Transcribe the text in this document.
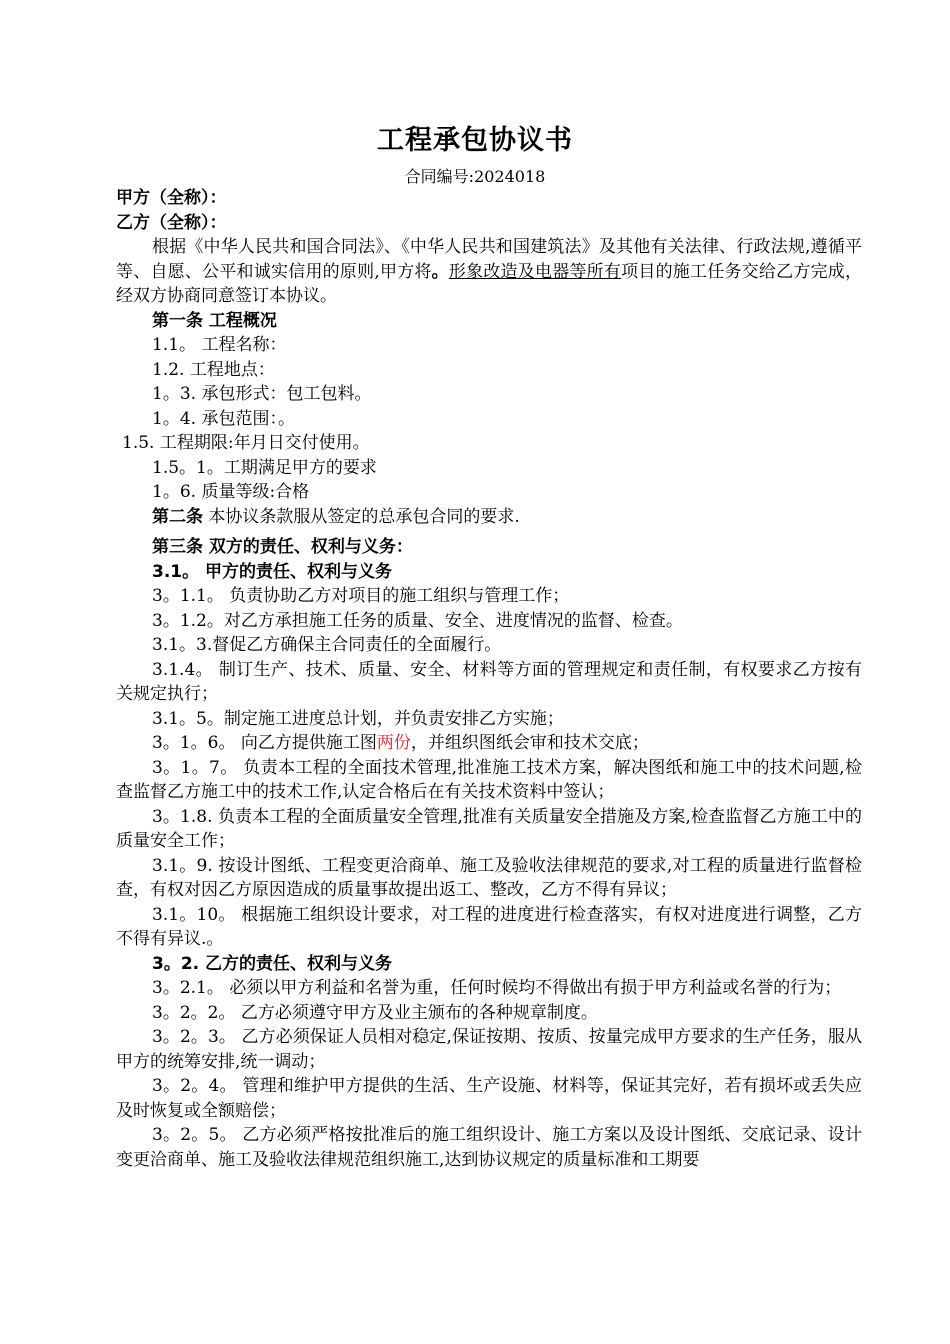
工程承包协议书
合同编号:2024018
甲方（全称）：
乙方（全称）：
根据《中华人民共和国合同法》、《中华人民共和国建筑法》及其他有关法律、行政法规,遵循平等、自愿、公平和诚实信用的原则,甲方将。形象改造及电器等所有项目的施工任务交给乙方完成，经双方协商同意签订本协议。
第一条 工程概况
1.1。 工程名称：
1.2. 工程地点：
1。3. 承包形式：包工包料。
1。4. 承包范围：。
1.5. 工程期限:年月日交付使用。
1.5。1。工期满足甲方的要求
1。6. 质量等级:合格
第二条 本协议条款服从签定的总承包合同的要求.
第三条 双方的责任、权利与义务：
3.1。 甲方的责任、权利与义务
3。1.1。 负责协助乙方对项目的施工组织与管理工作；
3。1.2。对乙方承担施工任务的质量、安全、进度情况的监督、检查。
3.1。3.督促乙方确保主合同责任的全面履行。
3.1.4。 制订生产、技术、质量、安全、材料等方面的管理规定和责任制，有权要求乙方按有关规定执行；
3.1。5。制定施工进度总计划，并负责安排乙方实施；
3。1。6。 向乙方提供施工图两份，并组织图纸会审和技术交底；
3。1。7。 负责本工程的全面技术管理,批准施工技术方案，解决图纸和施工中的技术问题,检查监督乙方施工中的技术工作,认定合格后在有关技术资料中签认；
3。1.8. 负责本工程的全面质量安全管理,批准有关质量安全措施及方案,检查监督乙方施工中的质量安全工作；
3.1。9. 按设计图纸、工程变更洽商单、施工及验收法律规范的要求,对工程的质量进行监督检查，有权对因乙方原因造成的质量事故提出返工、整改，乙方不得有异议；
3.1。10。 根据施工组织设计要求，对工程的进度进行检查落实，有权对进度进行调整，乙方不得有异议.。
3。2. 乙方的责任、权利与义务
3。2.1。 必须以甲方利益和名誉为重，任何时候均不得做出有损于甲方利益或名誉的行为；
3。2。2。 乙方必须遵守甲方及业主颁布的各种规章制度。
3。2。3。 乙方必须保证人员相对稳定,保证按期、按质、按量完成甲方要求的生产任务，服从甲方的统筹安排,统一调动；
3。2。4。 管理和维护甲方提供的生活、生产设施、材料等，保证其完好，若有损坏或丢失应及时恢复或全额赔偿；
3。2。5。 乙方必须严格按批准后的施工组织设计、施工方案以及设计图纸、交底记录、设计变更洽商单、施工及验收法律规范组织施工,达到协议规定的质量标准和工期要
